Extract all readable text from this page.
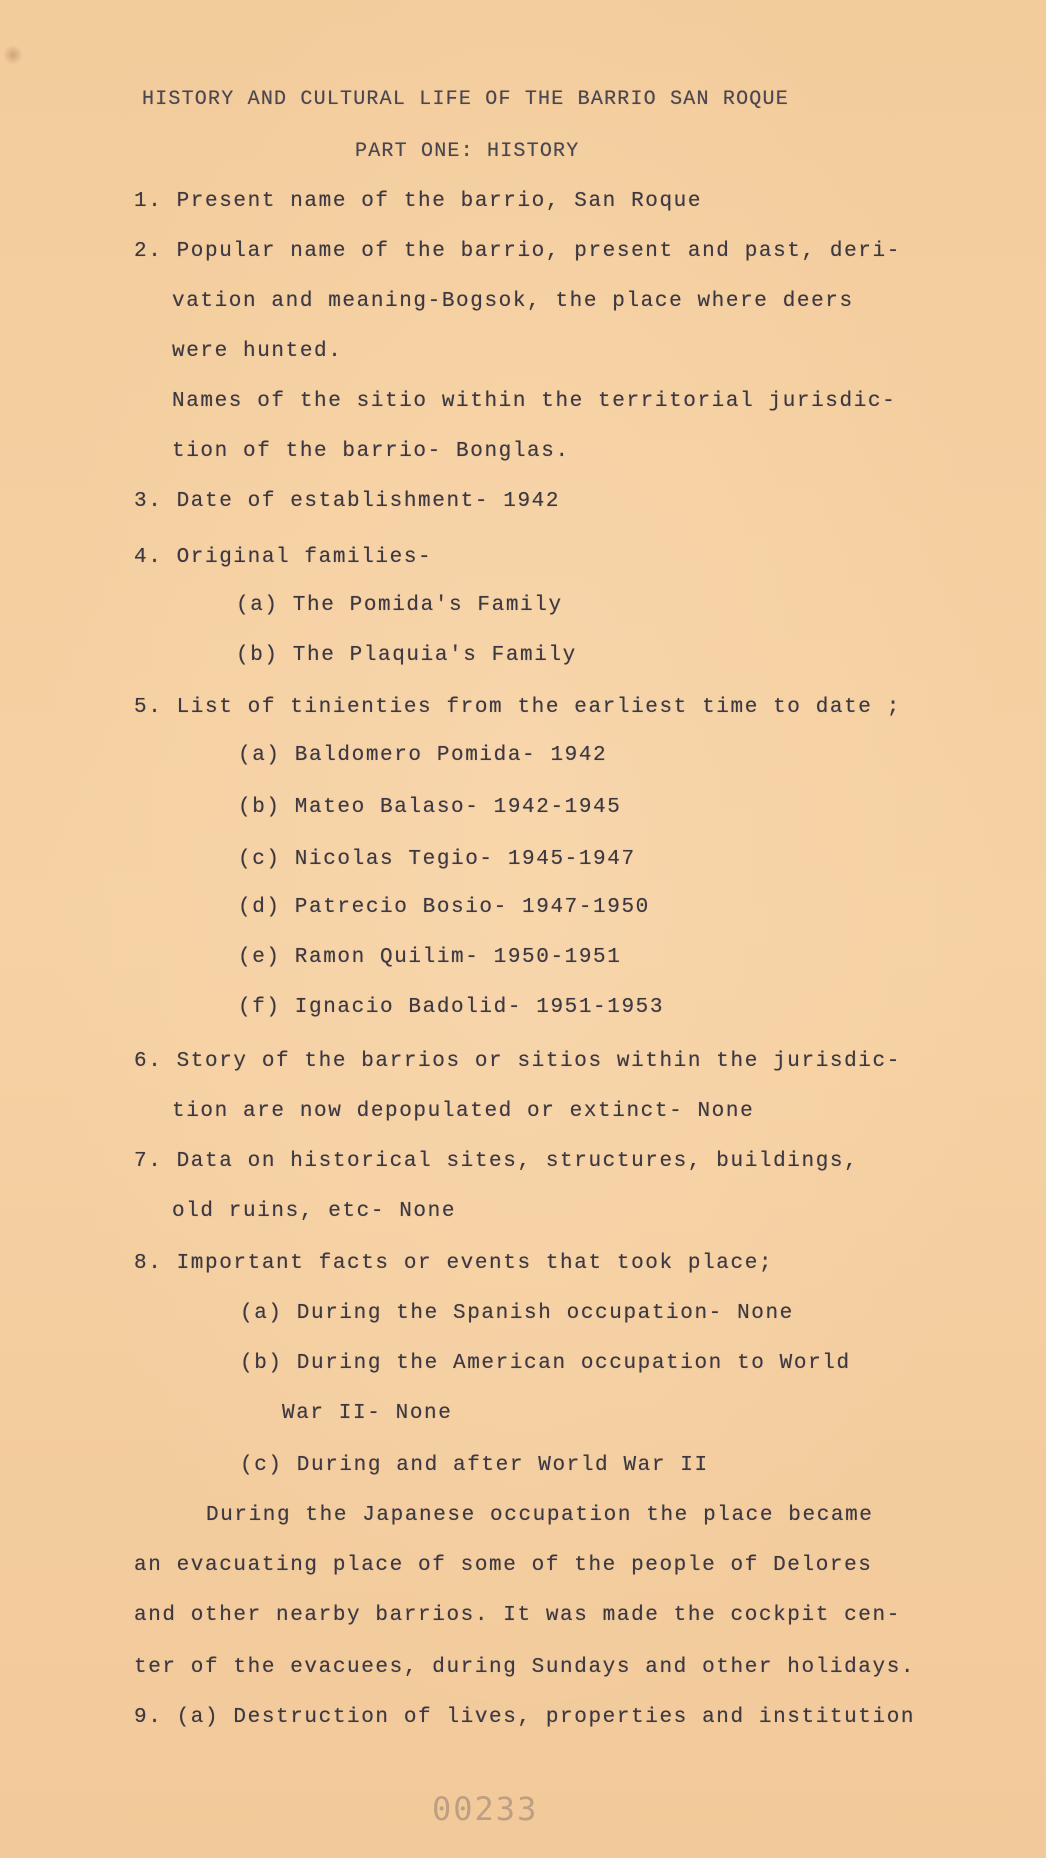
HISTORY AND CULTURAL LIFE OF THE BARRIO SAN ROQUE
PART ONE: HISTORY
1. Present name of the barrio, San Roque
2. Popular name of the barrio, present and past, deri-
vation and meaning-Bogsok, the place where deers
were hunted.
Names of the sitio within the territorial jurisdic-
tion of the barrio- Bonglas.
3. Date of establishment- 1942
4. Original families-
(a) The Pomida's Family
(b) The Plaquia's Family
5. List of tinienties from the earliest time to date ;
(a) Baldomero Pomida- 1942
(b) Mateo Balaso- 1942-1945
(c) Nicolas Tegio- 1945-1947
(d) Patrecio Bosio- 1947-1950
(e) Ramon Quilim- 1950-1951
(f) Ignacio Badolid- 1951-1953
6. Story of the barrios or sitios within the jurisdic-
tion are now depopulated or extinct- None
7. Data on historical sites, structures, buildings,
old ruins, etc- None
8. Important facts or events that took place;
(a) During the Spanish occupation- None
(b) During the American occupation to World
War II- None
(c) During and after World War II
During the Japanese occupation the place became
an evacuating place of some of the people of Delores
and other nearby barrios. It was made the cockpit cen-
ter of the evacuees, during Sundays and other holidays.
9. (a) Destruction of lives, properties and institution
00233
